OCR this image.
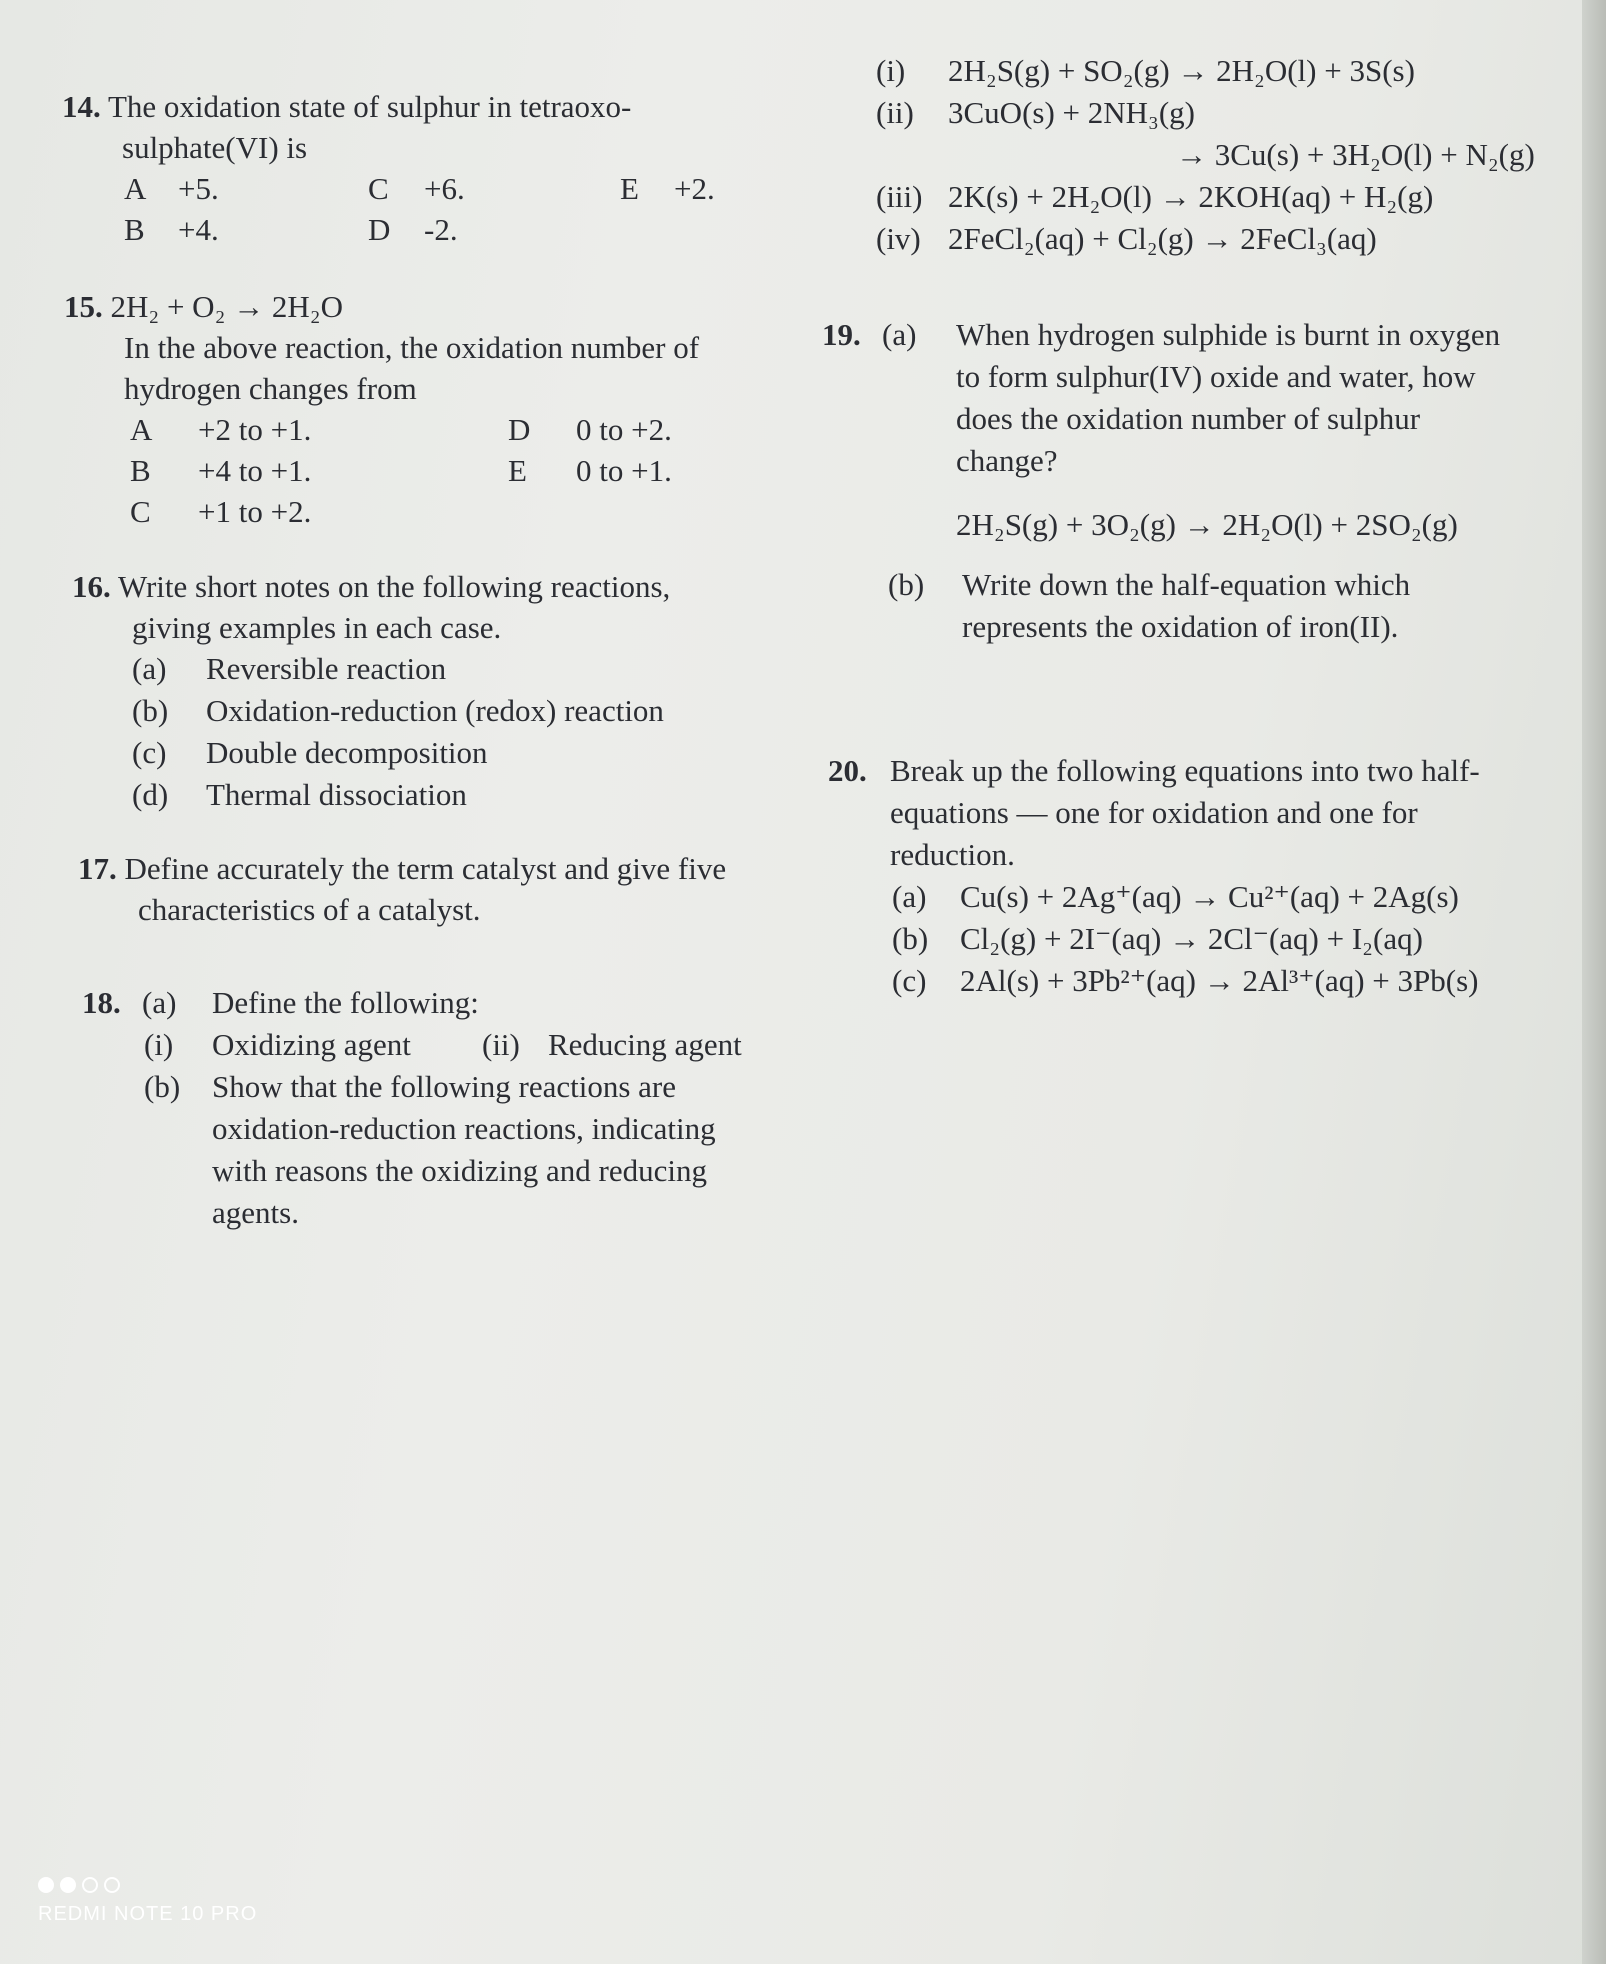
14. The oxidation state of sulphur in tetraoxo-
sulphate(VI) is
A +5.	C +6.	E +2.
B +4.	D -2.
15. 2H₂ + O₂ → 2H₂O
In the above reaction, the oxidation number of
hydrogen changes from
A +2 to +1.	D 0 to +2.
B +4 to +1.	E 0 to +1.
C +1 to +2.
16. Write short notes on the following reactions,
giving examples in each case.
(a) Reversible reaction
(b) Oxidation-reduction (redox) reaction
(c) Double decomposition
(d) Thermal dissociation
17. Define accurately the term catalyst and give five
characteristics of a catalyst.
18. (a) Define the following:
(i) Oxidizing agent (ii) Reducing agent
(b) Show that the following reactions are
oxidation-reduction reactions, indicating
with reasons the oxidizing and reducing
agents.
(i) 2H₂S(g) + SO₂(g) → 2H₂O(l) + 3S(s)
(ii) 3CuO(s) + 2NH₃(g)
→ 3Cu(s) + 3H₂O(l) + N₂(g)
(iii) 2K(s) + 2H₂O(l) → 2KOH(aq) + H₂(g)
(iv) 2FeCl₂(aq) + Cl₂(g) → 2FeCl₃(aq)
19. (a) When hydrogen sulphide is burnt in oxygen
to form sulphur(IV) oxide and water, how
does the oxidation number of sulphur
change?
2H₂S(g) + 3O₂(g) → 2H₂O(l) + 2SO₂(g)
(b) Write down the half-equation which
represents the oxidation of iron(II).
20. Break up the following equations into two half-
equations — one for oxidation and one for
reduction.
(a) Cu(s) + 2Ag⁺(aq) → Cu²⁺(aq) + 2Ag(s)
(b) Cl₂(g) + 2I⁻(aq) → 2Cl⁻(aq) + I₂(aq)
(c) 2Al(s) + 3Pb²⁺(aq) → 2Al³⁺(aq) + 3Pb(s)
REDMI NOTE 10 PRO
